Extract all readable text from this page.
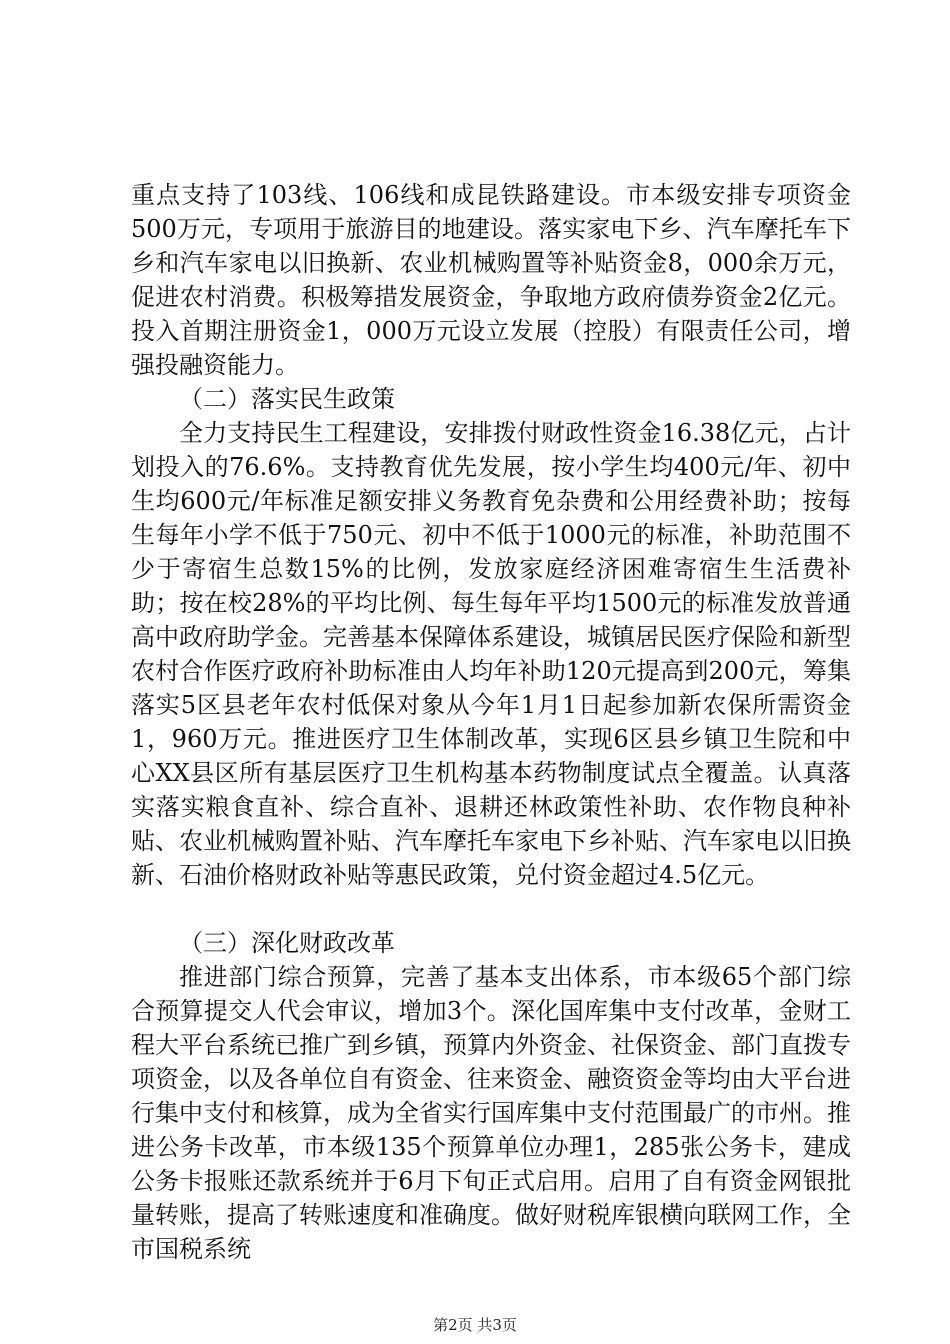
重点支持了103线、106线和成昆铁路建设。市本级安排专项资金500万元，专项用于旅游目的地建设。落实家电下乡、汽车摩托车下乡和汽车家电以旧换新、农业机械购置等补贴资金8，000余万元，促进农村消费。积极筹措发展资金，争取地方政府债券资金2亿元。投入首期注册资金1，000万元设立发展（控股）有限责任公司，增强投融资能力。

（二）落实民生政策

全力支持民生工程建设，安排拨付财政性资金16.38亿元，占计划投入的76.6%。支持教育优先发展，按小学生均400元/年、初中生均600元/年标准足额安排义务教育免杂费和公用经费补助；按每生每年小学不低于750元、初中不低于1000元的标准，补助范围不少于寄宿生总数15%的比例，发放家庭经济困难寄宿生生活费补助；按在校28%的平均比例、每生每年平均1500元的标准发放普通高中政府助学金。完善基本保障体系建设，城镇居民医疗保险和新型农村合作医疗政府补助标准由人均年补助120元提高到200元，筹集落实5区县老年农村低保对象从今年1月1日起参加新农保所需资金1，960万元。推进医疗卫生体制改革，实现6区县乡镇卫生院和中心XX县区所有基层医疗卫生机构基本药物制度试点全覆盖。认真落实落实粮食直补、综合直补、退耕还林政策性补助、农作物良种补贴、农业机械购置补贴、汽车摩托车家电下乡补贴、汽车家电以旧换新、石油价格财政补贴等惠民政策，兑付资金超过4.5亿元。

（三）深化财政改革

推进部门综合预算，完善了基本支出体系，市本级65个部门综合预算提交人代会审议，增加3个。深化国库集中支付改革，金财工程大平台系统已推广到乡镇，预算内外资金、社保资金、部门直拨专项资金，以及各单位自有资金、往来资金、融资资金等均由大平台进行集中支付和核算，成为全省实行国库集中支付范围最广的市州。推进公务卡改革，市本级135个预算单位办理1，285张公务卡，建成公务卡报账还款系统并于6月下旬正式启用。启用了自有资金网银批量转账，提高了转账速度和准确度。做好财税库银横向联网工作，全市国税系统

第2页 共3页
